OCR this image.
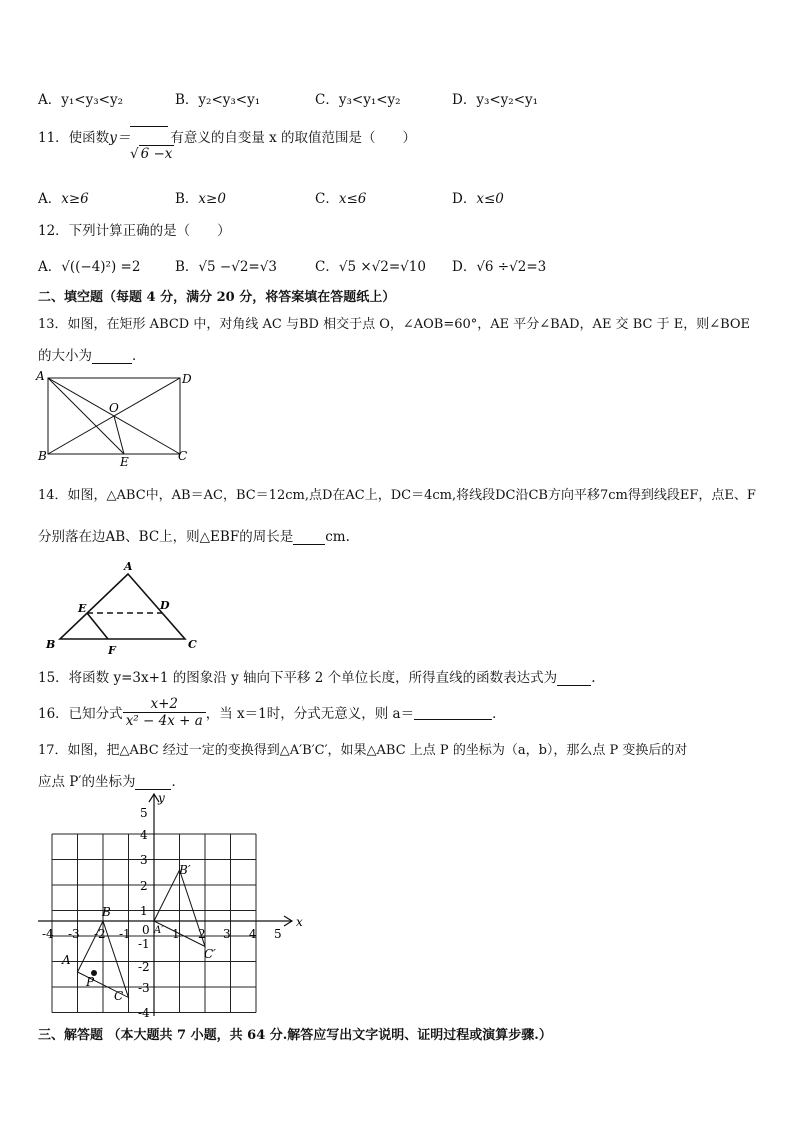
A．y₁<y₃<y₂	B．y₂<y₃<y₁	C．y₃<y₁<y₂	D．y₃<y₂<y₁
11．使函数y＝	有意义的自变量 x 的取值范围是（　　）
√ 6 −x
A．x≥6	B．x≥0	C．x≤6	D．x≤0
12．下列计算正确的是（　　）
A．√((−4)²) =2	B．√5 −√2=√3	C．√5 ×√2=√10 D．√6 ÷√2=3
二、填空题（每题 4 分，满分 20 分，将答案填在答题纸上）
13．如图，在矩形 ABCD 中，对角线 AC 与BD 相交于点 O，∠AOB=60°，AE 平分∠BAD，AE 交 BC 于 E，则∠BOE
的大小为	．
A	D
O
B	C
E
14．如图，△ABC中，AB＝AC，BC＝12cm,点D在AC上，DC＝4cm,将线段DC沿CB方向平移7cm得到线段EF，点E、F
分别落在边AB、BC上，则△EBF的周长是 cm.
A
E	D
B	F	C
15．将函数 y=3x+1 的图象沿 y 轴向下平移 2 个单位长度，所得直线的函数表达式为	.
16．已知分式 $\frac{x+2}{\text{x² − 4x + a}}$ ，当 x＝1时，分式无意义，则 a＝	．
17．如图，把△ABC 经过一定的变换得到△A′B′C′，如果△ABC 上点 P 的坐标为（a，b），那么点 P 变换后的对
应点 P′的坐标为	．
x
y
-4 -3 -2 -1 0 1 2 3 4 5
5
4
3
2
1
-1
-2
-3
-4
A
B
C
P
A′
B′
C′
三、解答题 （本大题共 7 小题，共 64 分.解答应写出文字说明、证明过程或演算步骤.）
